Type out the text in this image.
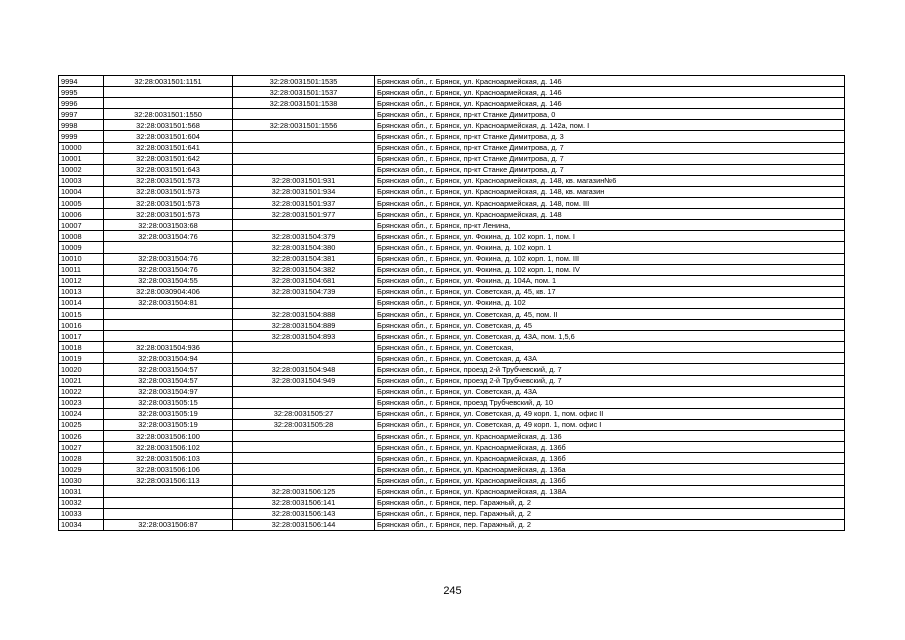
9994	32:28:0031501:1151	32:28:0031501:1535	Брянская обл., г. Брянск, ул. Красноармейская, д. 146
9995		32:28:0031501:1537	Брянская обл., г. Брянск, ул. Красноармейская, д. 146
9996		32:28:0031501:1538	Брянская обл., г. Брянск, ул. Красноармейская, д. 146
9997	32:28:0031501:1550		Брянская обл., г. Брянск, пр-кт Станке Димитрова, 0
9998	32:28:0031501:568	32:28:0031501:1556	Брянская обл., г. Брянск, ул. Красноармейская, д. 142а, пом. I
9999	32:28:0031501:604		Брянская обл., г. Брянск, пр-кт Станке Димитрова, д. 3
10000	32:28:0031501:641		Брянская обл., г. Брянск, пр-кт Станке Димитрова, д. 7
10001	32:28:0031501:642		Брянская обл., г. Брянск, пр-кт Станке Димитрова, д. 7
10002	32:28:0031501:643		Брянская обл., г. Брянск, пр-кт Станке Димитрова, д. 7
10003	32:28:0031501:573	32:28:0031501:931	Брянская обл., г. Брянск, ул. Красноармейская, д. 148, кв. магазин№6
10004	32:28:0031501:573	32:28:0031501:934	Брянская обл., г. Брянск, ул. Красноармейская, д. 148, кв. магазин
10005	32:28:0031501:573	32:28:0031501:937	Брянская обл., г. Брянск, ул. Красноармейская, д. 148, пом. III
10006	32:28:0031501:573	32:28:0031501:977	Брянская обл., г. Брянск, ул. Красноармейская, д. 148
10007	32:28:0031503:68		Брянская обл., г. Брянск, пр-кт Ленина,
10008	32:28:0031504:76	32:28:0031504:379	Брянская обл., г. Брянск, ул. Фокина, д. 102 корп. 1, пом. I
10009		32:28:0031504:380	Брянская обл., г. Брянск, ул. Фокина, д. 102 корп. 1
10010	32:28:0031504:76	32:28:0031504:381	Брянская обл., г. Брянск, ул. Фокина, д. 102 корп. 1, пом. III
10011	32:28:0031504:76	32:28:0031504:382	Брянская обл., г. Брянск, ул. Фокина, д. 102 корп. 1, пом. IV
10012	32:28:0031504:55	32:28:0031504:681	Брянская обл., г. Брянск, ул. Фокина, д. 104А, пом. 1
10013	32:28:0030904:406	32:28:0031504:739	Брянская обл., г. Брянск, ул. Советская, д. 45, кв. 17
10014	32:28:0031504:81		Брянская обл., г. Брянск, ул. Фокина, д. 102
10015		32:28:0031504:888	Брянская обл., г. Брянск, ул. Советская, д. 45, пом. II
10016		32:28:0031504:889	Брянская обл., г. Брянск, ул. Советская, д. 45
10017		32:28:0031504:893	Брянская обл., г. Брянск, ул. Советская, д. 43А, пом. 1,5,6
10018	32:28:0031504:936		Брянская обл., г. Брянск, ул. Советская,
10019	32:28:0031504:94		Брянская обл., г. Брянск, ул. Советская, д. 43А
10020	32:28:0031504:57	32:28:0031504:948	Брянская обл., г. Брянск, проезд 2-й Трубчевский, д. 7
10021	32:28:0031504:57	32:28:0031504:949	Брянская обл., г. Брянск, проезд 2-й Трубчевский, д. 7
10022	32:28:0031504:97		Брянская обл., г. Брянск, ул. Советская, д. 43А
10023	32:28:0031505:15		Брянская обл., г. Брянск, проезд Трубчевский, д. 10
10024	32:28:0031505:19	32:28:0031505:27	Брянская обл., г. Брянск, ул. Советская, д. 49 корп. 1, пом. офис II
10025	32:28:0031505:19	32:28:0031505:28	Брянская обл., г. Брянск, ул. Советская, д. 49 корп. 1, пом. офис I
10026	32:28:0031506:100		Брянская обл., г. Брянск, ул. Красноармейская, д. 136
10027	32:28:0031506:102		Брянская обл., г. Брянск, ул. Красноармейская, д. 136б
10028	32:28:0031506:103		Брянская обл., г. Брянск, ул. Красноармейская, д. 136б
10029	32:28:0031506:106		Брянская обл., г. Брянск, ул. Красноармейская, д. 136а
10030	32:28:0031506:113		Брянская обл., г. Брянск, ул. Красноармейская, д. 136б
10031		32:28:0031506:125	Брянская обл., г. Брянск, ул. Красноармейская, д. 138А
10032		32:28:0031506:141	Брянская обл., г. Брянск, пер. Гаражный, д. 2
10033		32:28:0031506:143	Брянская обл., г. Брянск, пер. Гаражный, д. 2
10034	32:28:0031506:87	32:28:0031506:144	Брянская обл., г. Брянск, пер. Гаражный, д. 2
245
